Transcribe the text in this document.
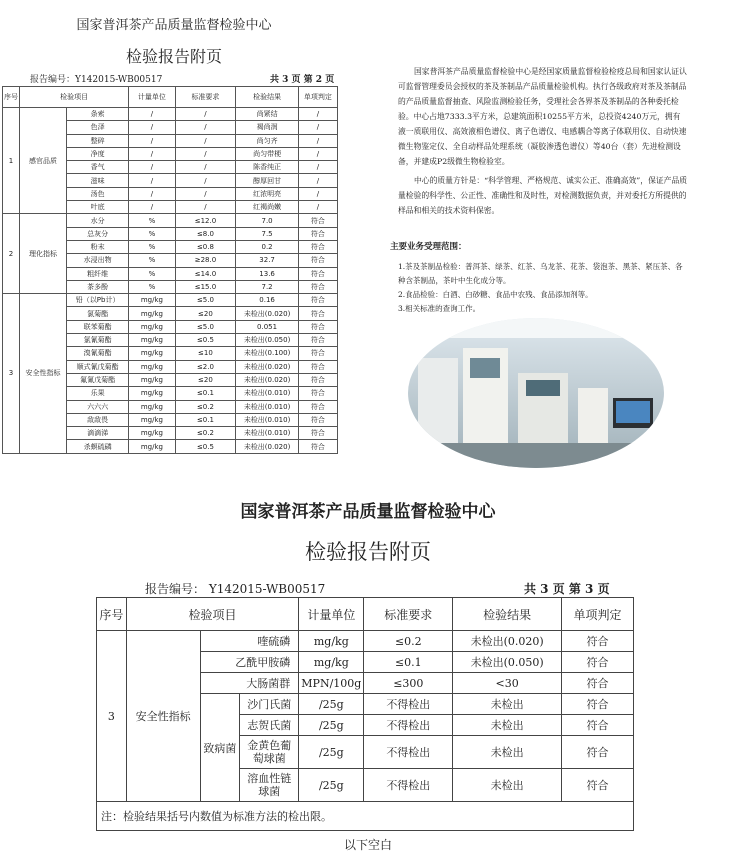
国家普洱茶产品质量监督检验中心
检验报告附页
报告编号：Y142015-WB00517	共 3 页 第 2 页
序号	检验项目		计量单位	标准要求	检验结果	单项判定
1	感官品质	条索	/	/	尚紧结	/
		色泽	/	/	褐尚润	/
		整碎	/	/	尚匀齐	/
		净度	/	/	尚匀带梗	/
		香气	/	/	陈香纯正	/
		滋味	/	/	醇厚回甘	/
		汤色	/	/	红浓明亮	/
		叶底	/	/	红褐尚嫩	/
2	理化指标	水分	%	≤12.0	7.0	符合
		总灰分	%	≤8.0	7.5	符合
		粉末	%	≤0.8	0.2	符合
		水浸出物	%	≥28.0	32.7	符合
		粗纤维	%	≤14.0	13.6	符合
		茶多酚	%	≤15.0	7.2	符合
3	安全性指标	铅（以Pb计）	mg/kg	≤5.0	0.16	符合
		氯菊酯	mg/kg	≤20	未检出(0.020)	符合
		联苯菊酯	mg/kg	≤5.0	0.051	符合
		氯氰菊酯	mg/kg	≤0.5	未检出(0.050)	符合
		溴氰菊酯	mg/kg	≤10	未检出(0.100)	符合
		顺式氰戊菊酯	mg/kg	≤2.0	未检出(0.020)	符合
		氟氰戊菊酯	mg/kg	≤20	未检出(0.020)	符合
		乐果	mg/kg	≤0.1	未检出(0.010)	符合
		六六六	mg/kg	≤0.2	未检出(0.010)	符合
		敌敌畏	mg/kg	≤0.1	未检出(0.010)	符合
		滴滴涕	mg/kg	≤0.2	未检出(0.010)	符合
		杀螟硫磷	mg/kg	≤0.5	未检出(0.020)	符合

国家普洱茶产品质量监督检验中心是经国家质量监督检验检疫总局和国家认证认可监督管理委员会授权的茶及茶制品产品质量检验机构。执行各级政府对茶及茶制品的产品质量监督抽查、风险监测检验任务，受理社会各界茶及茶制品的各种委托检验。中心占地7333.3平方米，总建筑面积10255平方米，总投资4240万元，拥有液一质联用仪、高效液相色谱仪、离子色谱仪、电感耦合等离子体联用仪、自动快速微生物鉴定仪、全自动样品处理系统（凝胶渗透色谱仪）等40台（套）先进检测设备，并建成P2级微生物检验室。

中心的质量方针是：“科学管理、严格规范、诚实公正、准确高效”，保证产品质量检验的科学性、公正性、准确性和及时性，对检测数据负责，并对委托方所提供的样品和相关的技术资料保密。

主要业务受理范围：
1.茶及茶制品检验：普洱茶、绿茶、红茶、乌龙茶、花茶、袋泡茶、黑茶、紧压茶、各种含茶制品，茶叶中生化成分等。
2.食品检验：白酒、白砂糖、食品中农残、食品添加剂等。
3.相关标准的查询工作。
国家普洱茶产品质量监督检验中心
检验报告附页
报告编号： Y142015-WB00517	共 3 页 第 3 页
序号	检验项目			计量单位	标准要求	检验结果	单项判定
3	安全性指标	喹硫磷		mg/kg	≤0.2	未检出(0.020)	符合
		乙酰甲胺磷		mg/kg	≤0.1	未检出(0.050)	符合
		大肠菌群		MPN/100g	≤300	<30	符合
		致病菌	沙门氏菌	/25g	不得检出	未检出	符合
			志贺氏菌	/25g	不得检出	未检出	符合
			金黄色葡萄球菌	/25g	不得检出	未检出	符合
			溶血性链球菌	/25g	不得检出	未检出	符合
注：检验结果括号内数值为标准方法的检出限。							
以下空白
